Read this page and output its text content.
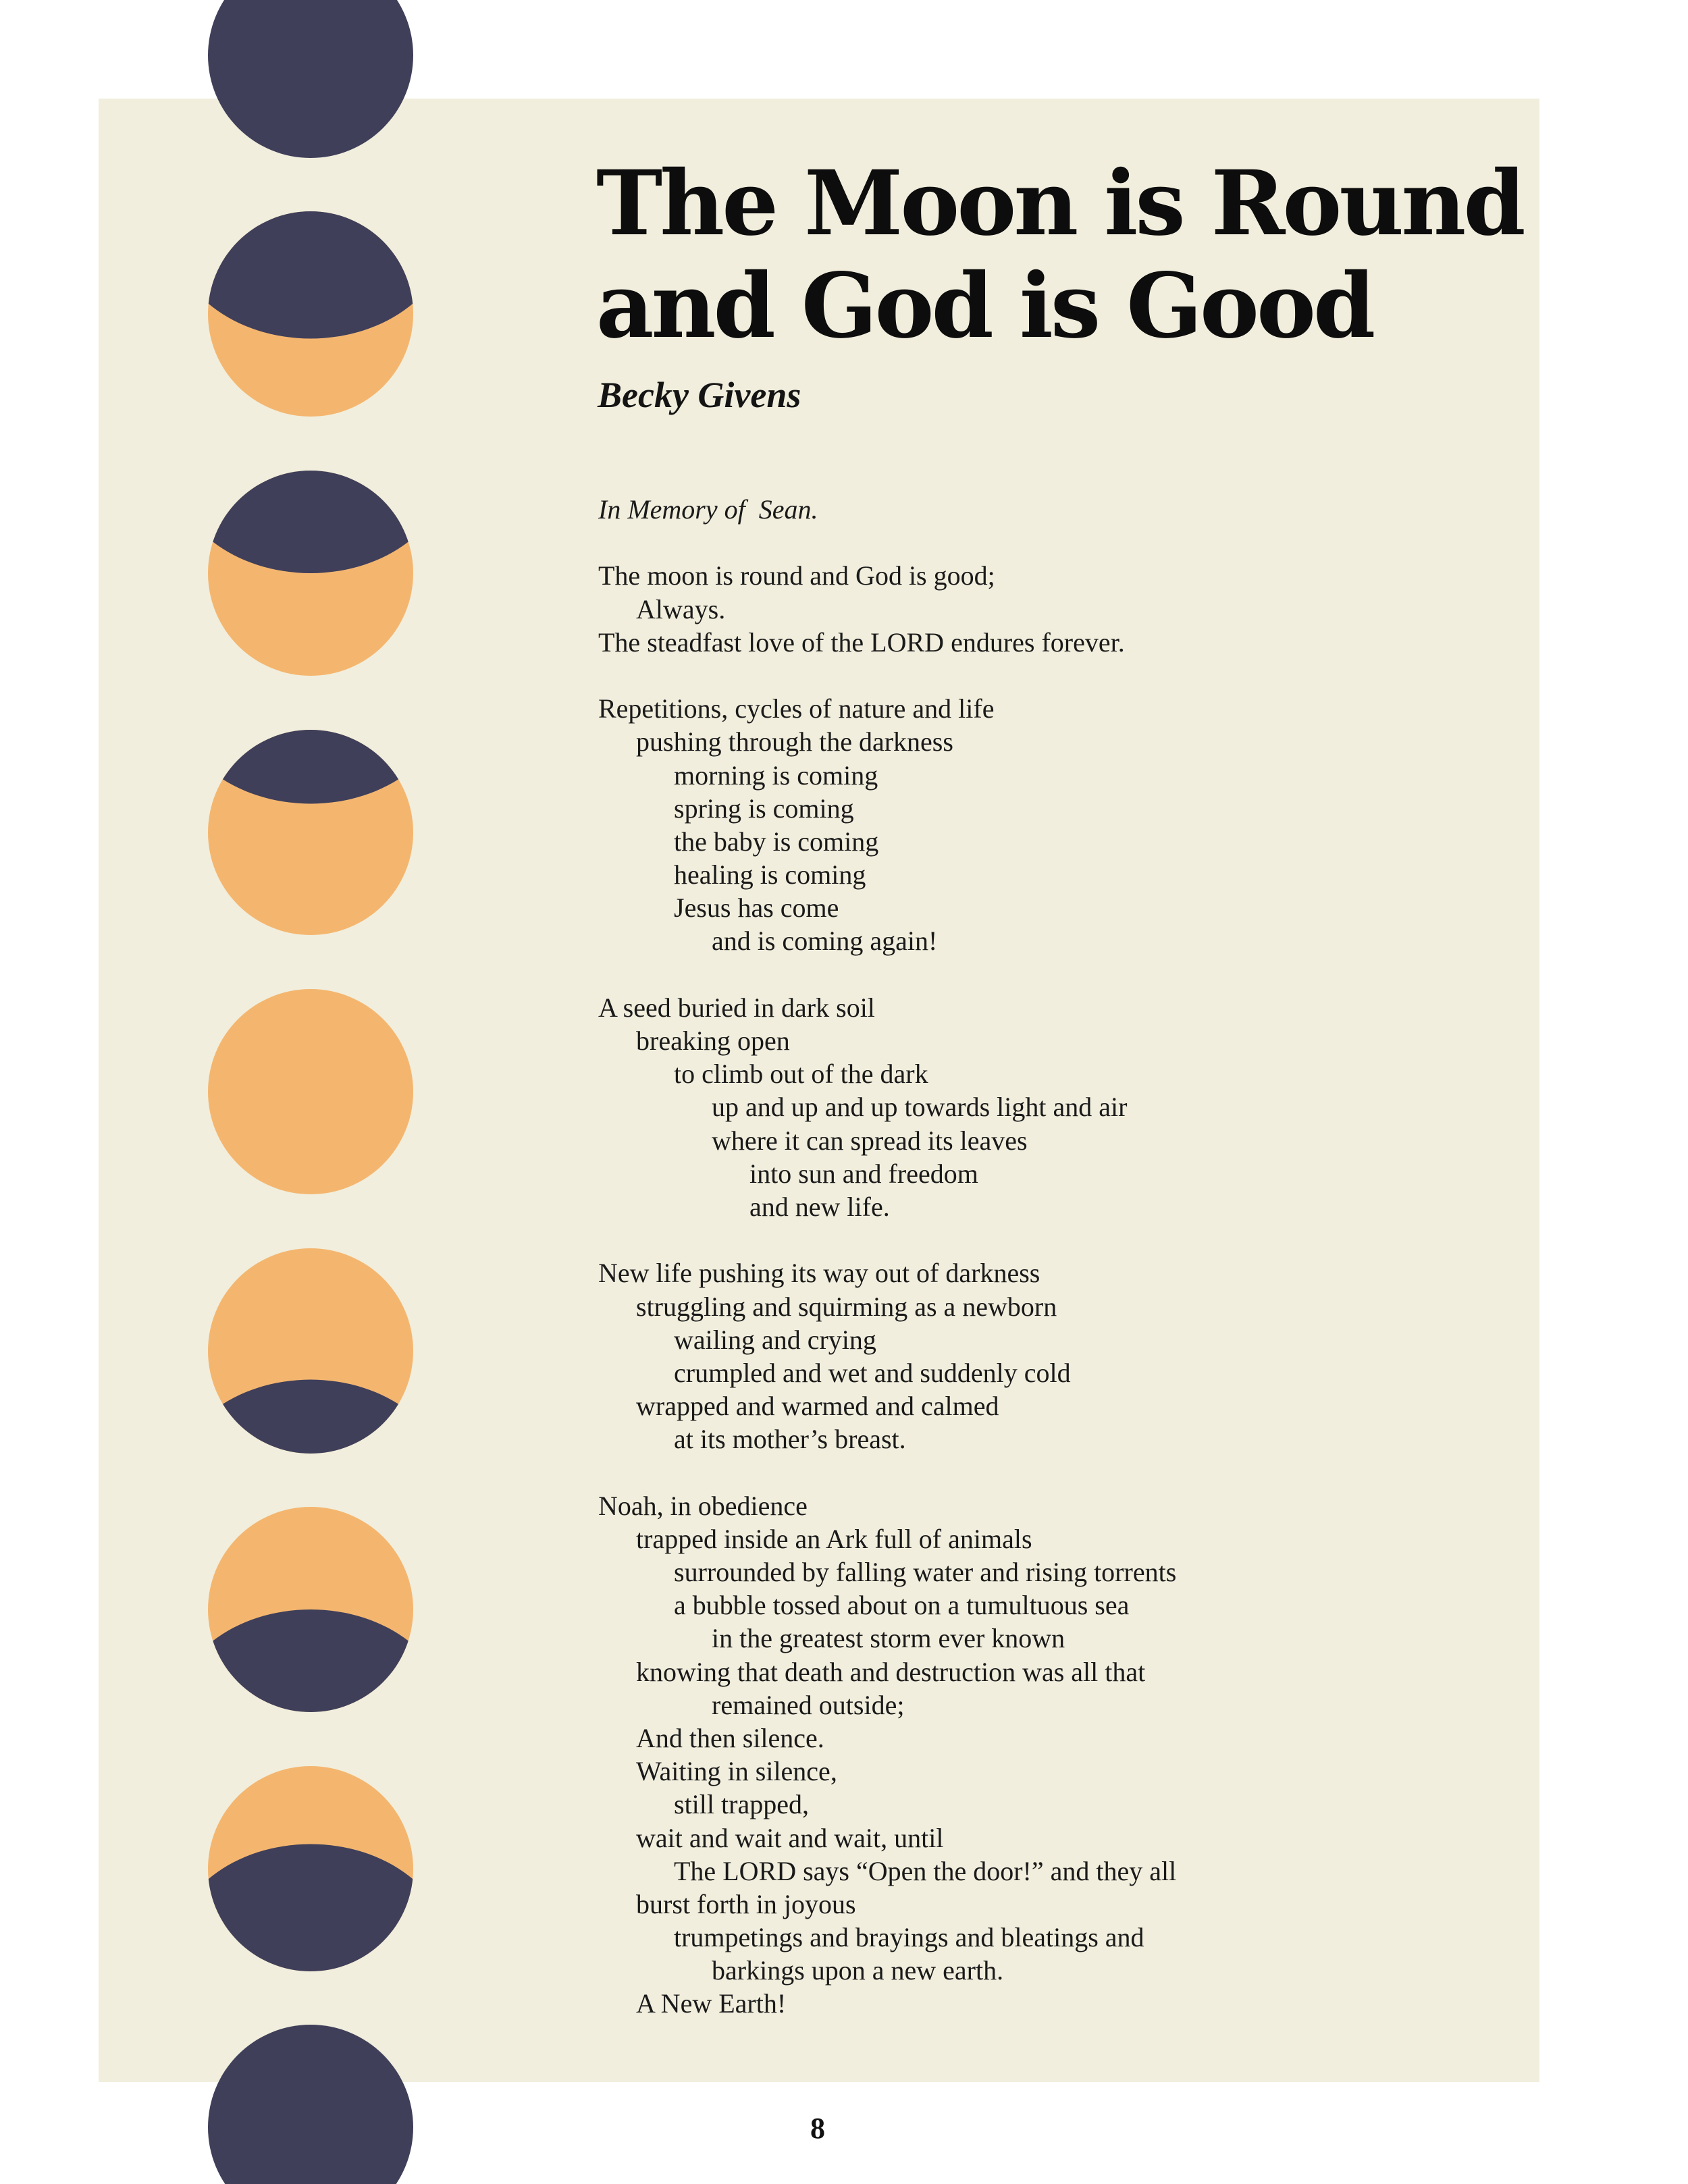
The Moon is Round
and God is Good
Becky Givens
In Memory of  Sean.
The moon is round and God is good;
Always.
The steadfast love of the LORD endures forever.
Repetitions, cycles of nature and life
pushing through the darkness
morning is coming
spring is coming
the baby is coming
healing is coming
Jesus has come
and is coming again!
A seed buried in dark soil
breaking open
to climb out of the dark
up and up and up towards light and air
where it can spread its leaves
into sun and freedom
and new life.
New life pushing its way out of darkness
struggling and squirming as a newborn
wailing and crying
crumpled and wet and suddenly cold
wrapped and warmed and calmed
at its mother’s breast.
Noah, in obedience
trapped inside an Ark full of animals
surrounded by falling water and rising torrents
a bubble tossed about on a tumultuous sea
in the greatest storm ever known
knowing that death and destruction was all that
remained outside;
And then silence.
Waiting in silence,
still trapped,
wait and wait and wait, until
The LORD says “Open the door!” and they all
burst forth in joyous
trumpetings and brayings and bleatings and
barkings upon a new earth.
A New Earth!
8
